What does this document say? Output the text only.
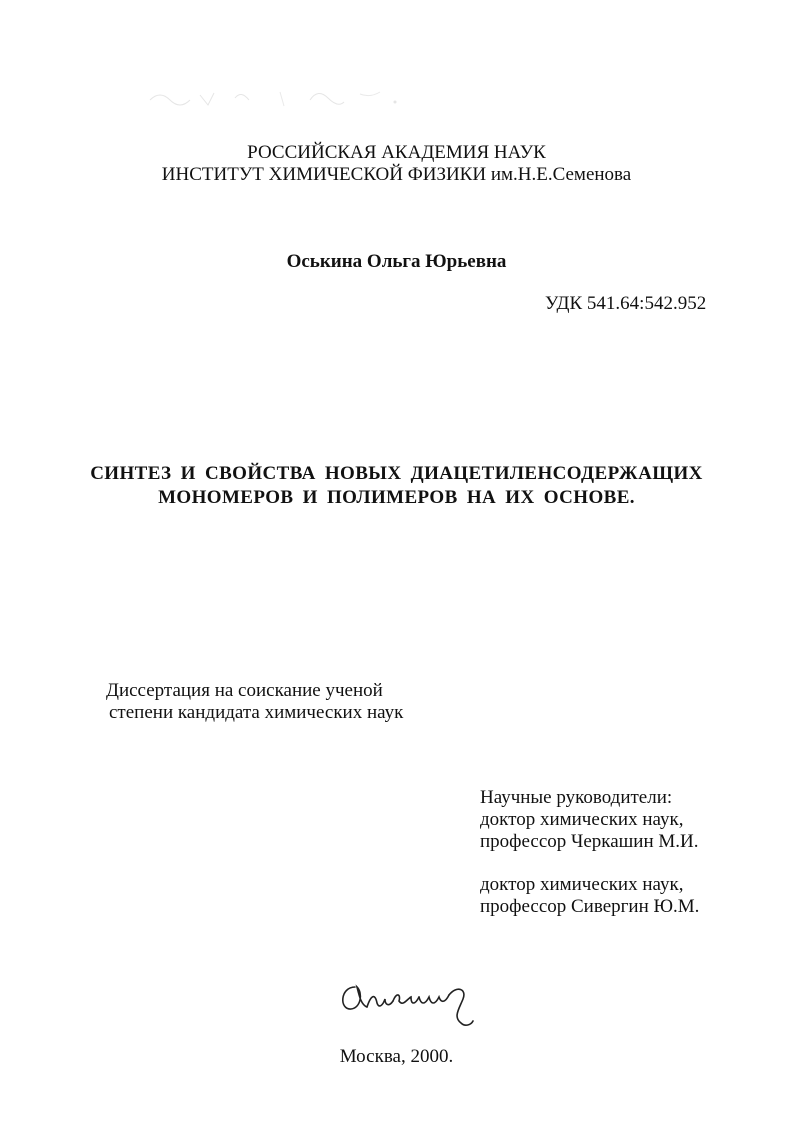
РОССИЙСКАЯ АКАДЕМИЯ НАУК
ИНСТИТУТ ХИМИЧЕСКОЙ ФИЗИКИ им.Н.Е.Семенова
Оськина Ольга Юрьевна
УДК 541.64:542.952
СИНТЕЗ И СВОЙСТВА НОВЫХ ДИАЦЕТИЛЕНСОДЕРЖАЩИХ
МОНОМЕРОВ И ПОЛИМЕРОВ НА ИХ ОСНОВЕ.
Диссертация на соискание ученой
степени кандидата химических наук
Научные руководители:
доктор химических наук,
профессор Черкашин М.И.
доктор химических наук,
профессор Сивергин Ю.М.
Москва, 2000.
